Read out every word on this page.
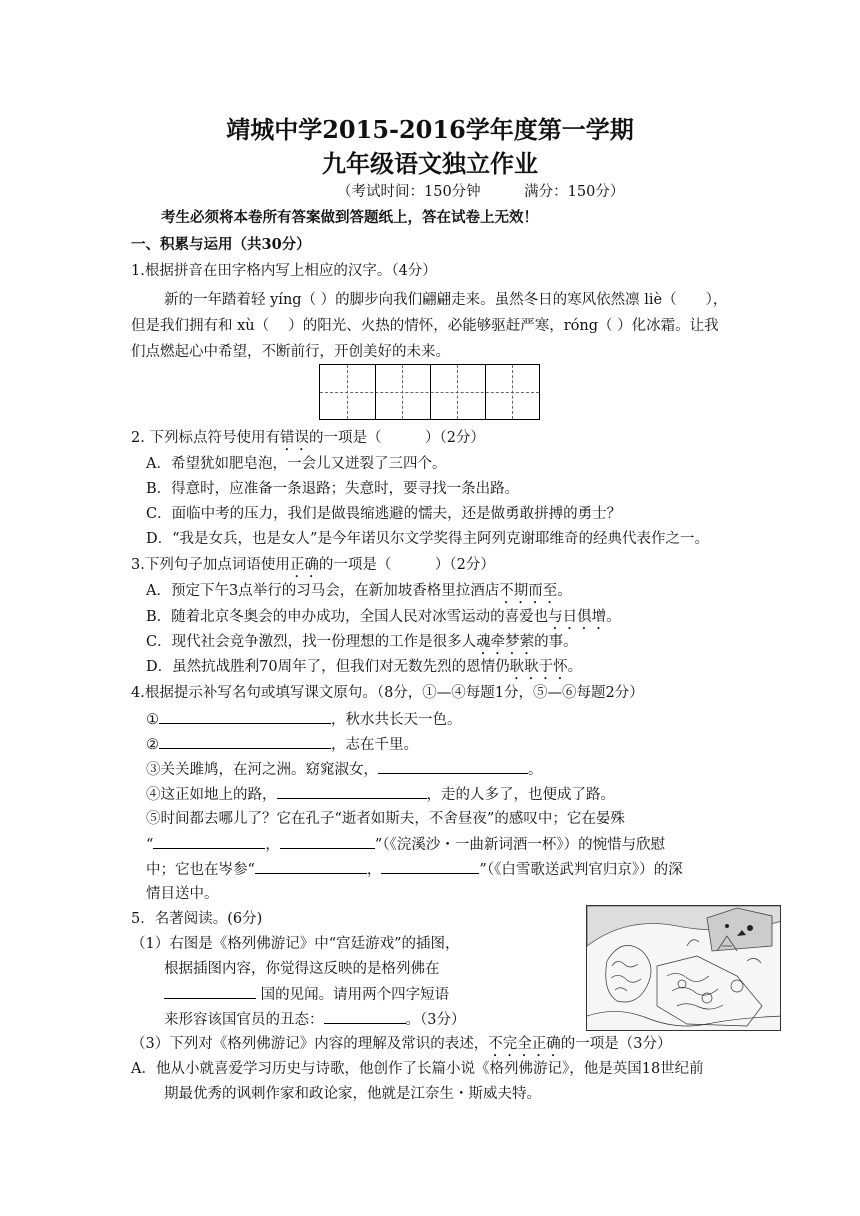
靖城中学2015-2016学年度第一学期
九年级语文独立作业
（考试时间：150分钟　　　满分：150分）
考生必须将本卷所有答案做到答题纸上，答在试卷上无效！
一、积累与运用（共30分）
1.根据拼音在田字格内写上相应的汉字。（4分）
新的一年踏着轻 yíng（ ）的脚步向我们翩翩走来。虽然冬日的寒风依然凛 liè（　　），
但是我们拥有和 xù（　 ）的阳光、火热的情怀，必能够驱赶严寒，róng（ ）化冰霜。让我
们点燃起心中希望，不断前行，开创美好的未来。
2. 下列标点符号使用有错误的一项是（　　　）（2分）
A．希望犹如肥皂泡，一会儿又迸裂了三四个。
B．得意时，应准备一条退路；失意时，要寻找一条出路。
C．面临中考的压力，我们是做畏缩逃避的懦夫，还是做勇敢拼搏的勇士？
D．“我是女兵，也是女人”是今年诺贝尔文学奖得主阿列克谢耶维奇的经典代表作之一。
3.下列句子加点词语使用正确的一项是（　　　）（2分）
A．预定下午3点举行的习马会，在新加坡香格里拉酒店不期而至。
B．随着北京冬奥会的申办成功，全国人民对冰雪运动的喜爱也与日俱增。
C．现代社会竞争激烈，找一份理想的工作是很多人魂牵梦萦的事。
D．虽然抗战胜利70周年了，但我们对无数先烈的恩情仍耿耿于怀。
4.根据提示补写名句或填写课文原句。（8分，①—④每题1分，⑤—⑥每题2分）
①	，秋水共长天一色。
②	，志在千里。
③关关雎鸠，在河之洲。窈窕淑女，	。
④这正如地上的路，	，走的人多了，也便成了路。
⑤时间都去哪儿了？它在孔子“逝者如斯夫，不舍昼夜”的感叹中；它在晏殊
“	，	”（《浣溪沙・一曲新词酒一杯》）的惋惜与欣慰
中；它也在岑参“	，	”（《白雪歌送武判官归京》）的深
情目送中。
5．名著阅读。(6分)
（1）右图是《格列佛游记》中“宫廷游戏”的插图，
根据插图内容，你觉得这反映的是格列佛在
国的见闻。请用两个四字短语
来形容该国官员的丑态：	。（3分）
（3）下列对《格列佛游记》内容的理解及常识的表述，不完全正确的一项是（3分）
A．他从小就喜爱学习历史与诗歌，他创作了长篇小说《格列佛游记》，他是英国18世纪前
期最优秀的讽刺作家和政论家，他就是江奈生・斯威夫特。
